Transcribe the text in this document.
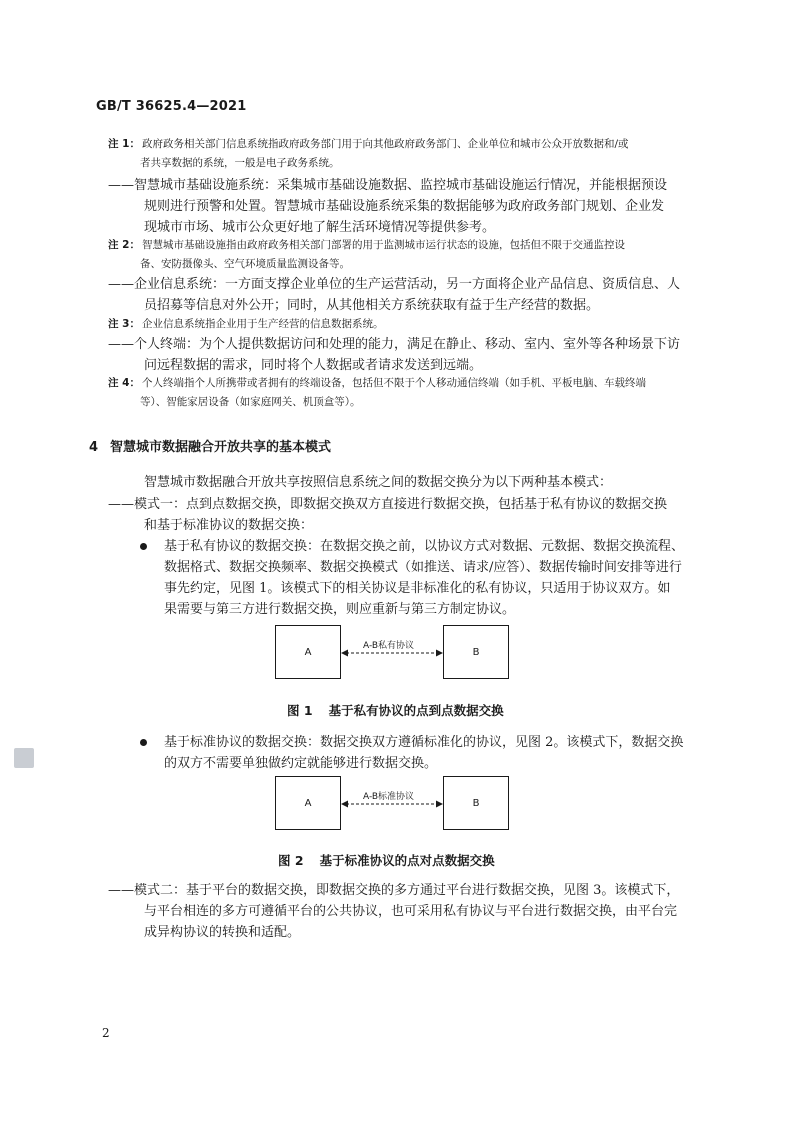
GB/T 36625.4—2021
注 1： 政府政务相关部门信息系统指政府政务部门用于向其他政府政务部门、企业单位和城市公众开放数据和/或
者共享数据的系统，一般是电子政务系统。
——智慧城市基础设施系统：采集城市基础设施数据、监控城市基础设施运行情况，并能根据预设
规则进行预警和处置。智慧城市基础设施系统采集的数据能够为政府政务部门规划、企业发
现城市市场、城市公众更好地了解生活环境情况等提供参考。
注 2： 智慧城市基础设施指由政府政务相关部门部署的用于监测城市运行状态的设施，包括但不限于交通监控设
备、安防摄像头、空气环境质量监测设备等。
——企业信息系统：一方面支撑企业单位的生产运营活动，另一方面将企业产品信息、资质信息、人
员招募等信息对外公开；同时，从其他相关方系统获取有益于生产经营的数据。
注 3： 企业信息系统指企业用于生产经营的信息数据系统。
——个人终端：为个人提供数据访问和处理的能力，满足在静止、移动、室内、室外等各种场景下访
问远程数据的需求，同时将个人数据或者请求发送到远端。
注 4： 个人终端指个人所携带或者拥有的终端设备，包括但不限于个人移动通信终端（如手机、平板电脑、车载终端
等）、智能家居设备（如家庭网关、机顶盒等）。
4 智慧城市数据融合开放共享的基本模式
智慧城市数据融合开放共享按照信息系统之间的数据交换分为以下两种基本模式：
——模式一：点到点数据交换，即数据交换双方直接进行数据交换，包括基于私有协议的数据交换
和基于标准协议的数据交换：
基于私有协议的数据交换：在数据交换之前，以协议方式对数据、元数据、数据交换流程、
数据格式、数据交换频率、数据交换模式（如推送、请求/应答）、数据传输时间安排等进行
事先约定，见图 1。该模式下的相关协议是非标准化的私有协议，只适用于协议双方。如
果需要与第三方进行数据交换，则应重新与第三方制定协议。
A	B
A-B私有协议
图 1 基于私有协议的点到点数据交换
基于标准协议的数据交换：数据交换双方遵循标准化的协议，见图 2。该模式下，数据交换
的双方不需要单独做约定就能够进行数据交换。
A	B
A-B标准协议
图 2 基于标准协议的点对点数据交换
——模式二：基于平台的数据交换，即数据交换的多方通过平台进行数据交换，见图 3。该模式下，
与平台相连的多方可遵循平台的公共协议，也可采用私有协议与平台进行数据交换，由平台完
成异构协议的转换和适配。
2
